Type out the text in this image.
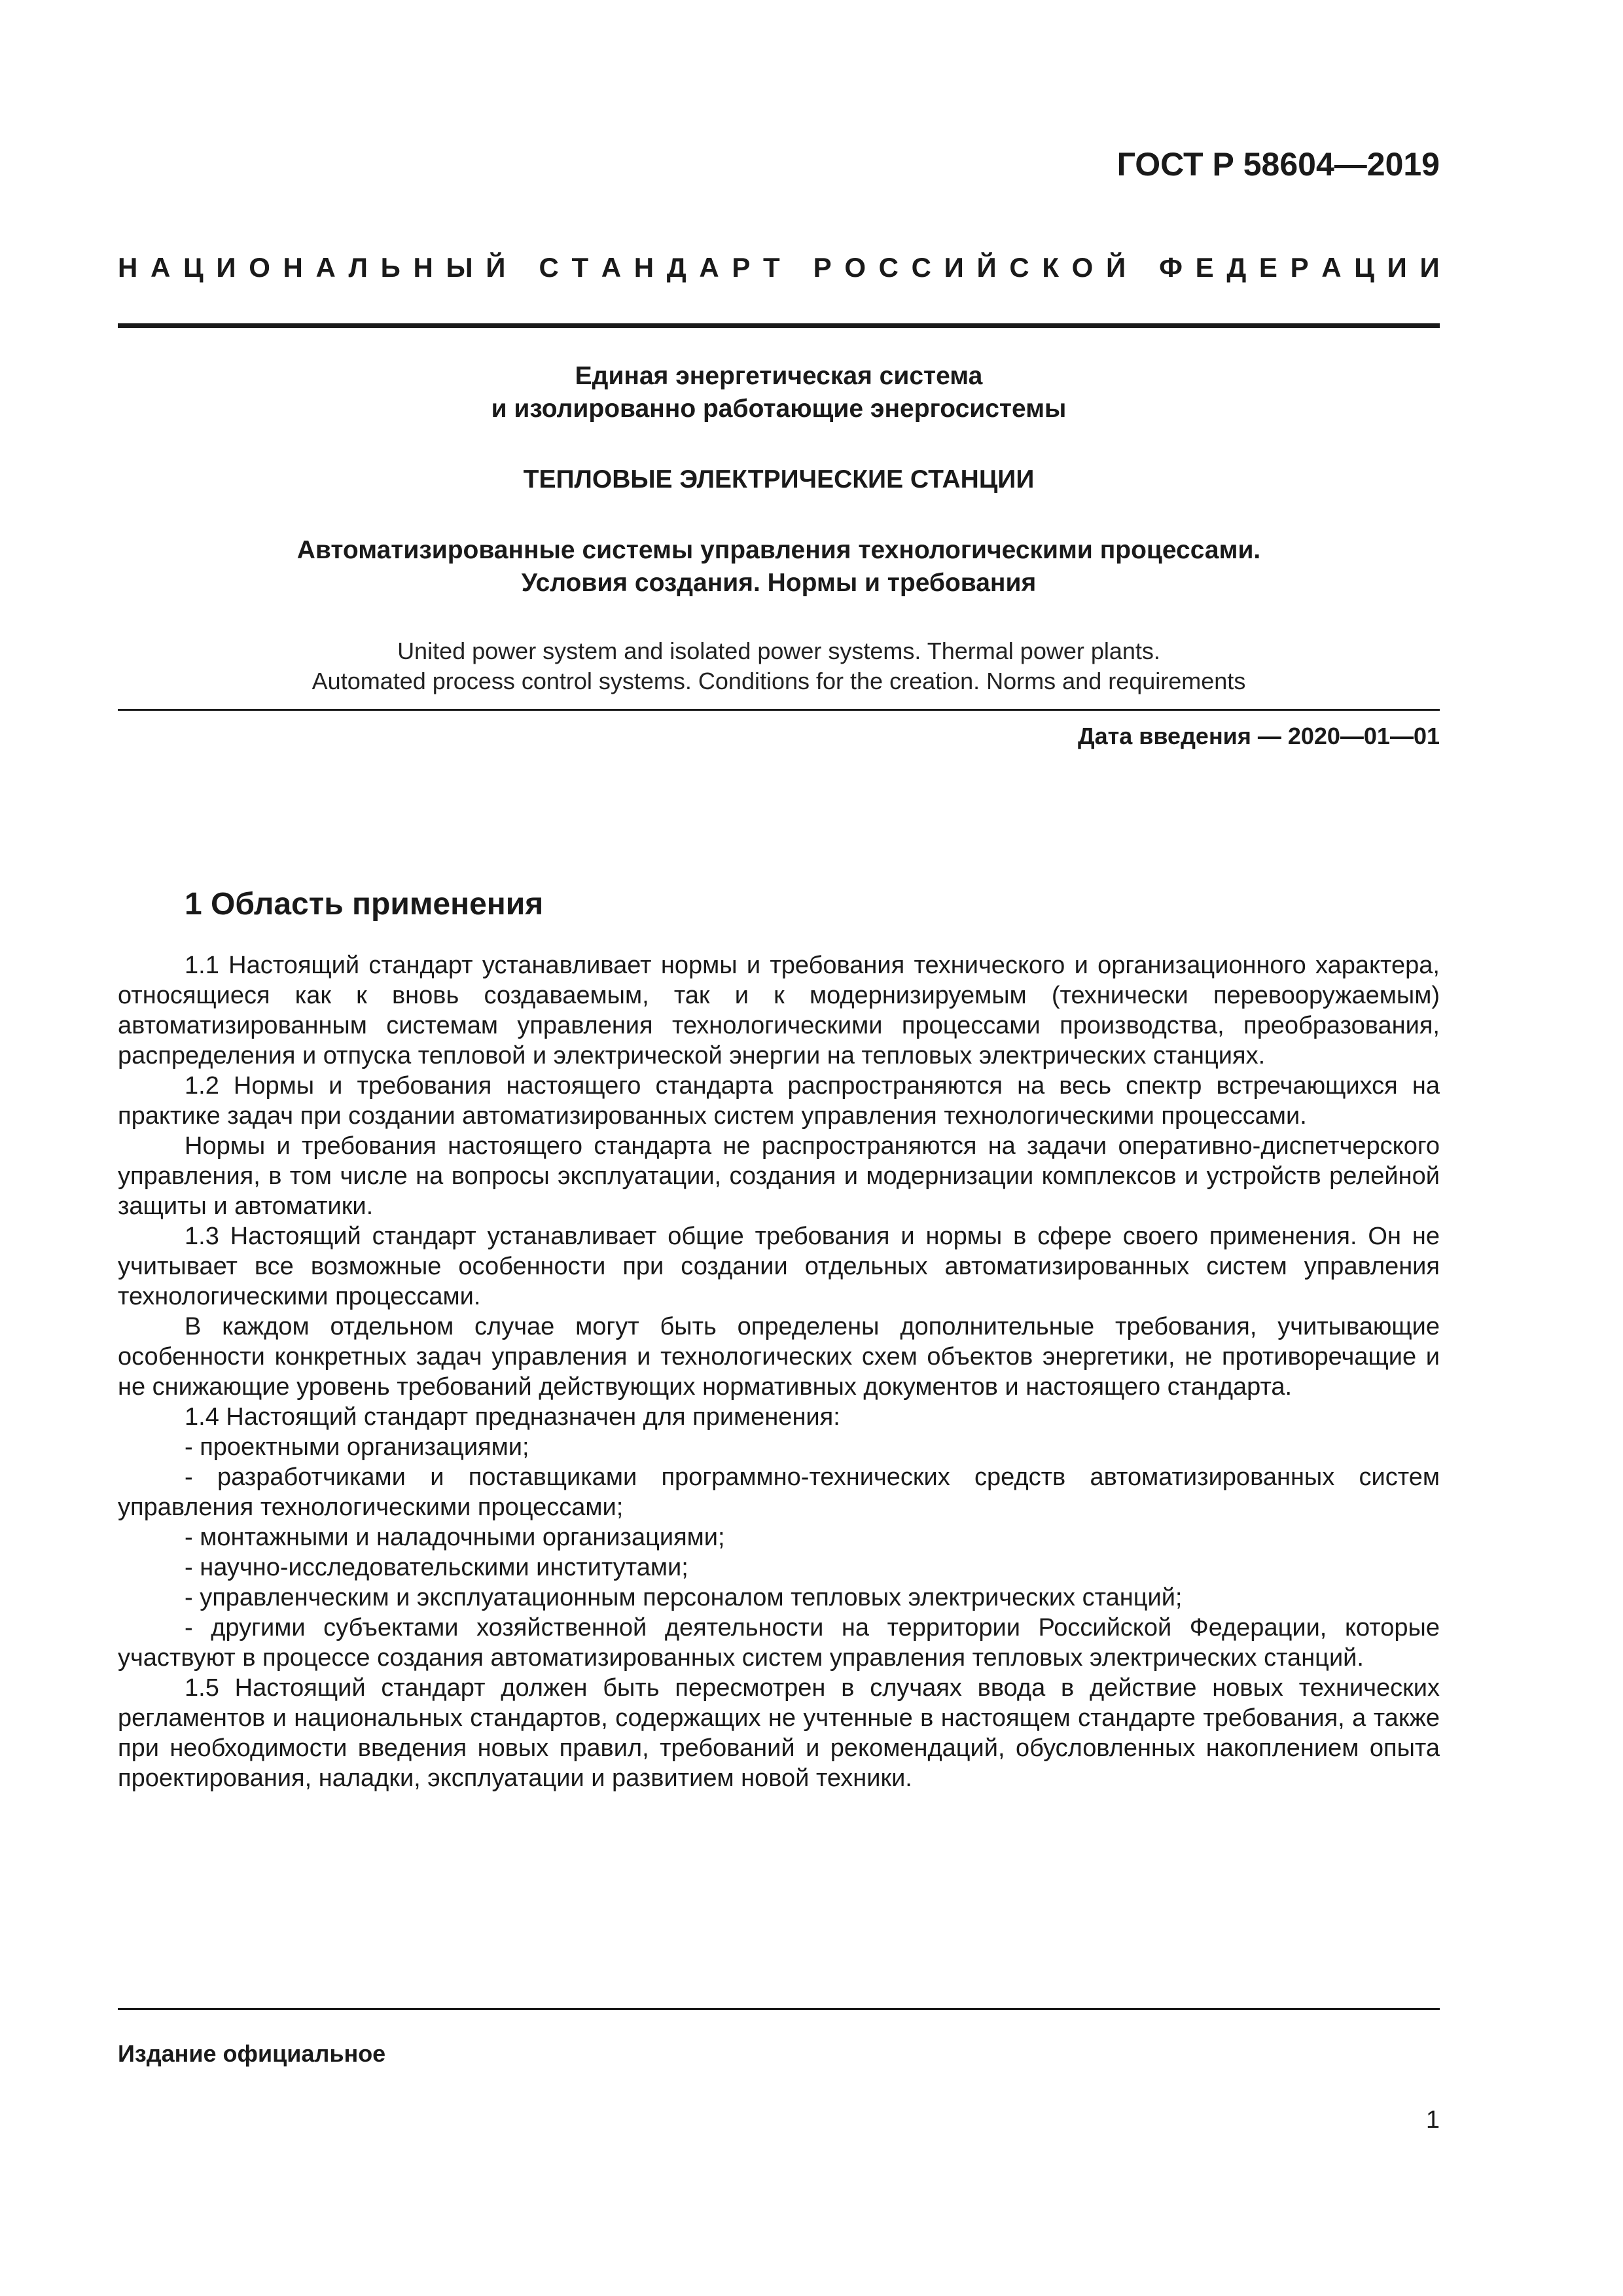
ГОСТ Р 58604—2019
Н А Ц И О Н А Л Ь Н Ы Й
С Т А Н Д А Р Т
Р О С С И Й С К О Й
Ф Е Д Е Р А Ц И И
Единая энергетическая система
и изолированно работающие энергосистемы
ТЕПЛОВЫЕ ЭЛЕКТРИЧЕСКИЕ СТАНЦИИ
Автоматизированные системы управления технологическими процессами.
Условия создания. Нормы и требования
United power system and isolated power systems. Thermal power plants.
Automated process control systems. Conditions for the creation. Norms and requirements
Дата введения — 2020—01—01
1 Область применения

1.1 Настоящий стандарт устанавливает нормы и требования технического и организационного характера, относящиеся как к вновь создаваемым, так и к модернизируемым (технически перевооружаемым) автоматизированным системам управления технологическими процессами производства, преобразования, распределения и отпуска тепловой и электрической энергии на тепловых электрических станциях.

1.2 Нормы и требования настоящего стандарта распространяются на весь спектр встречающихся на практике задач при создании автоматизированных систем управления технологическими процессами.

Нормы и требования настоящего стандарта не распространяются на задачи оперативно-диспетчерского управления, в том числе на вопросы эксплуатации, создания и модернизации комплексов и устройств релейной защиты и автоматики.

1.3 Настоящий стандарт устанавливает общие требования и нормы в сфере своего применения. Он не учитывает все возможные особенности при создании отдельных автоматизированных систем управления технологическими процессами.

В каждом отдельном случае могут быть определены дополнительные требования, учитывающие особенности конкретных задач управления и технологических схем объектов энергетики, не противоречащие и не снижающие уровень требований действующих нормативных документов и настоящего стандарта.

1.4 Настоящий стандарт предназначен для применения:

- проектными организациями;

- разработчиками и поставщиками программно-технических средств автоматизированных систем управления технологическими процессами;

- монтажными и наладочными организациями;

- научно-исследовательскими институтами;

- управленческим и эксплуатационным персоналом тепловых электрических станций;

- другими субъектами хозяйственной деятельности на территории Российской Федерации, которые участвуют в процессе создания автоматизированных систем управления тепловых электрических станций.

1.5 Настоящий стандарт должен быть пересмотрен в случаях ввода в действие новых технических регламентов и национальных стандартов, содержащих не учтенные в настоящем стандарте требования, а также при необходимости введения новых правил, требований и рекомендаций, обусловленных накоплением опыта проектирования, наладки, эксплуатации и развитием новой техники.

Издание официальное
1
